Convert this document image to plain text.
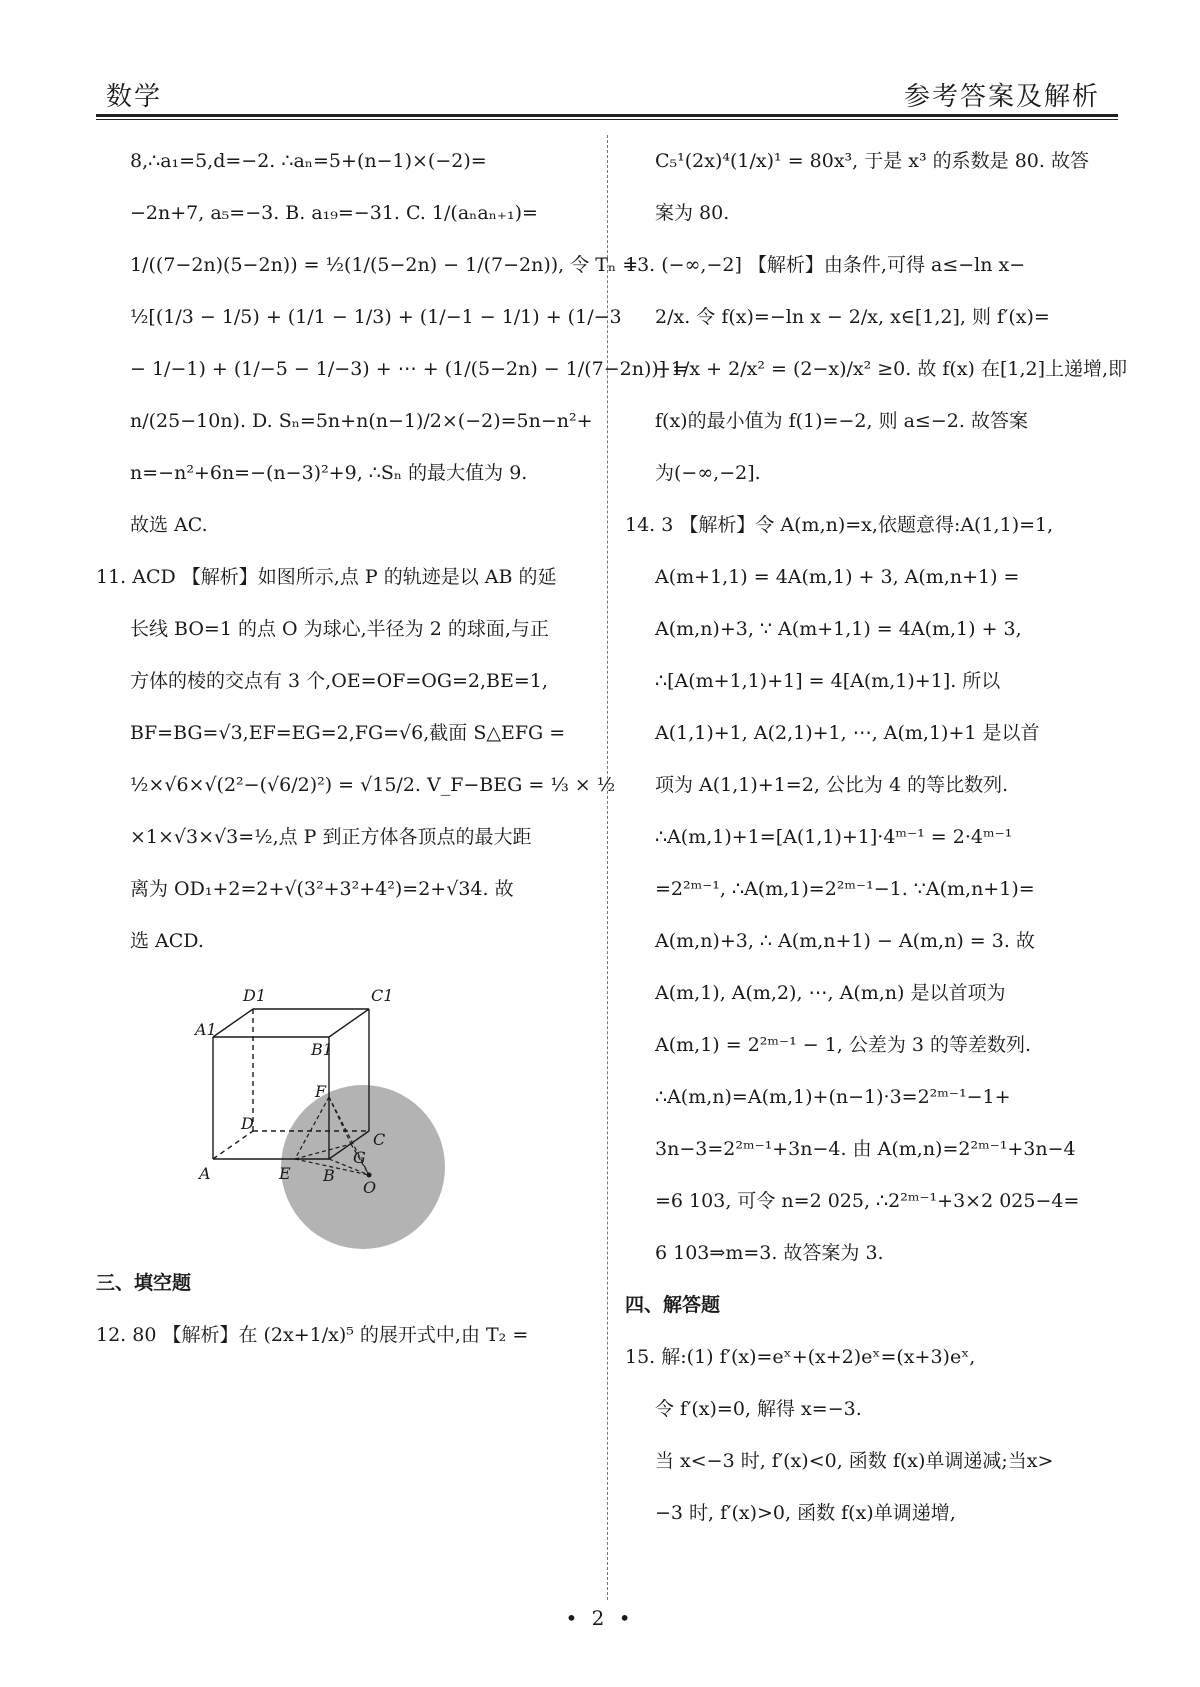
数学	参考答案及解析
8,∴a₁=5,d=−2. ∴aₙ=5+(n−1)×(−2)=
−2n+7, a₅=−3. B. a₁₉=−31. C. 1/(aₙaₙ₊₁)=
1/((7−2n)(5−2n)) = ½(1/(5−2n) − 1/(7−2n)), 令 Tₙ =
½[(1/3 − 1/5) + (1/1 − 1/3) + (1/−1 − 1/1) + (1/−3
− 1/−1) + (1/−5 − 1/−3) + ⋯ + (1/(5−2n) − 1/(7−2n))] =
n/(25−10n). D. Sₙ=5n+n(n−1)/2×(−2)=5n−n²+
n=−n²+6n=−(n−3)²+9, ∴Sₙ 的最大值为 9.
故选 AC.
11. ACD 【解析】如图所示,点 P 的轨迹是以 AB 的延
长线 BO=1 的点 O 为球心,半径为 2 的球面,与正
方体的棱的交点有 3 个,OE=OF=OG=2,BE=1,
BF=BG=√3,EF=EG=2,FG=√6,截面 S△EFG =
½×√6×√(2²−(√6/2)²) = √15/2. V_F−BEG = ⅓ × ½
×1×√3×√3=½,点 P 到正方体各顶点的最大距
离为 OD₁+2=2+√(3²+3²+4²)=2+√34. 故
选 ACD.
D1	C1
A1
B1
F
D
C
G
A	E B
O
三、填空题
12. 80 【解析】在 (2x+1/x)⁵ 的展开式中,由 T₂ =
C₅¹(2x)⁴(1/x)¹ = 80x³, 于是 x³ 的系数是 80. 故答
案为 80.
13. (−∞,−2] 【解析】由条件,可得 a≤−ln x−
2/x. 令 f(x)=−ln x − 2/x, x∈[1,2], 则 f′(x)=
−1/x + 2/x² = (2−x)/x² ≥0. 故 f(x) 在[1,2]上递增,即
f(x)的最小值为 f(1)=−2, 则 a≤−2. 故答案
为(−∞,−2].
14. 3 【解析】令 A(m,n)=x,依题意得:A(1,1)=1,
A(m+1,1) = 4A(m,1) + 3, A(m,n+1) =
A(m,n)+3, ∵ A(m+1,1) = 4A(m,1) + 3,
∴[A(m+1,1)+1] = 4[A(m,1)+1]. 所以
A(1,1)+1, A(2,1)+1, ⋯, A(m,1)+1 是以首
项为 A(1,1)+1=2, 公比为 4 的等比数列.
∴A(m,1)+1=[A(1,1)+1]·4ᵐ⁻¹ = 2·4ᵐ⁻¹
=2²ᵐ⁻¹, ∴A(m,1)=2²ᵐ⁻¹−1. ∵A(m,n+1)=
A(m,n)+3, ∴ A(m,n+1) − A(m,n) = 3. 故
A(m,1), A(m,2), ⋯, A(m,n) 是以首项为
A(m,1) = 2²ᵐ⁻¹ − 1, 公差为 3 的等差数列.
∴A(m,n)=A(m,1)+(n−1)·3=2²ᵐ⁻¹−1+
3n−3=2²ᵐ⁻¹+3n−4. 由 A(m,n)=2²ᵐ⁻¹+3n−4
=6 103, 可令 n=2 025, ∴2²ᵐ⁻¹+3×2 025−4=
6 103⇒m=3. 故答案为 3.
四、解答题
15. 解:(1) f′(x)=eˣ+(x+2)eˣ=(x+3)eˣ,
令 f′(x)=0, 解得 x=−3.
当 x<−3 时, f′(x)<0, 函数 f(x)单调递减;当x>
−3 时, f′(x)>0, 函数 f(x)单调递增,
• 2 •
